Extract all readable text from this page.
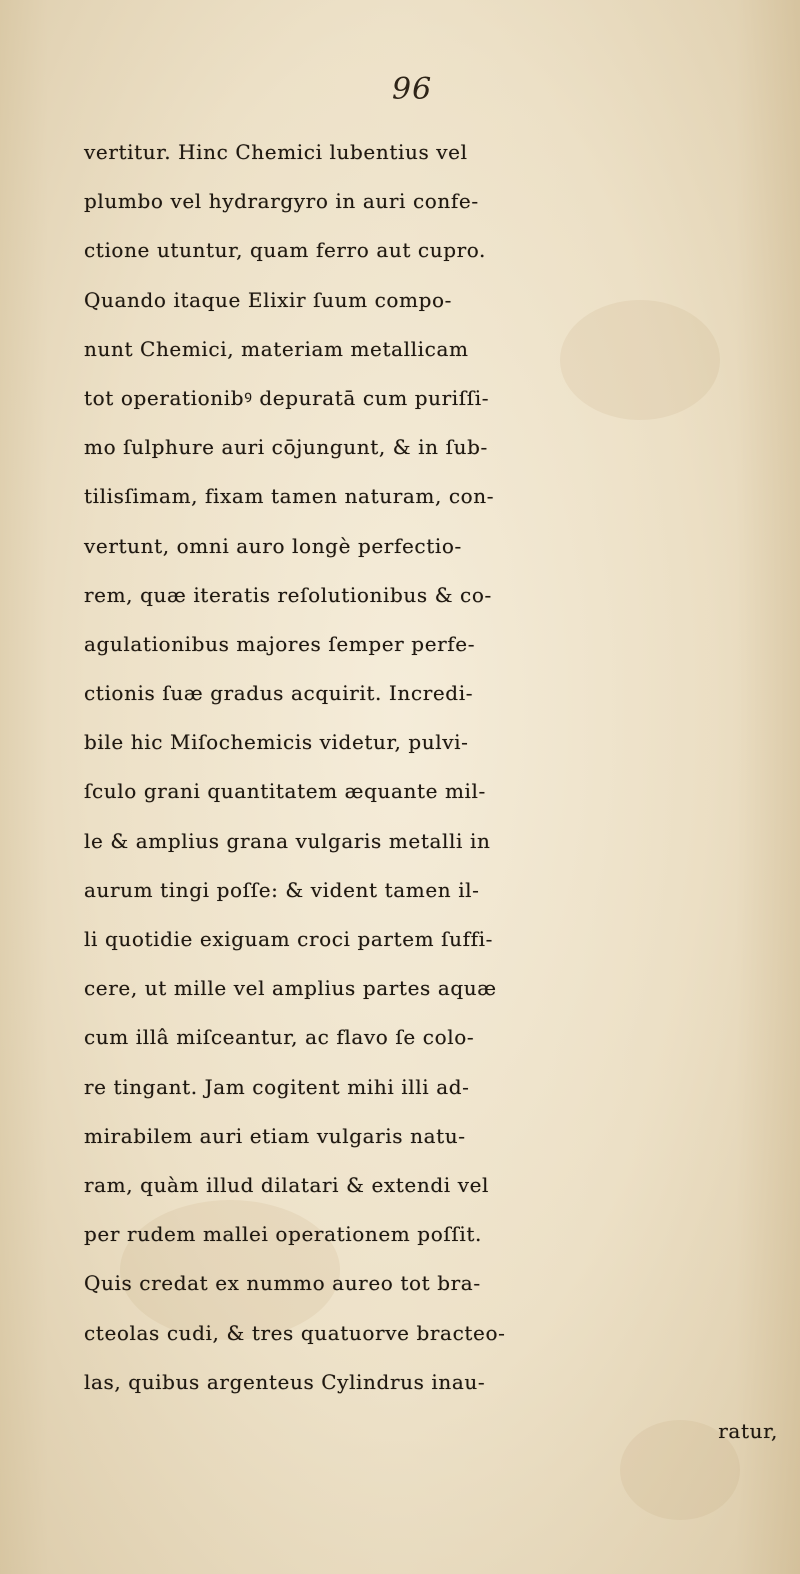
96
vertitur. Hinc Chemici lubentius vel
plumbo vel hydrargyro in auri confe-
ctione utuntur, quam ferro aut cupro.
Quando itaque Elixir ſuum compo-
nunt Chemici, materiam metallicam
tot operationibꝰ depuratā cum puriſſi-
mo ſulphure auri cōjungunt, & in ſub-
tilisſimam, fixam tamen naturam, con-
vertunt, omni auro longè perfectio-
rem, quæ iteratis reſolutionibus & co-
agulationibus majores ſemper perfe-
ctionis ſuæ gradus acquirit. Incredi-
bile hic Miſochemicis videtur, pulvi-
ſculo grani quantitatem æquante mil-
le & amplius grana vulgaris metalli in
aurum tingi poſſe: & vident tamen il-
li quotidie exiguam croci partem ſuffi-
cere, ut mille vel amplius partes aquæ
cum illâ miſceantur, ac flavo ſe colo-
re tingant. Jam cogitent mihi illi ad-
mirabilem auri etiam vulgaris natu-
ram, quàm illud dilatari & extendi vel
per rudem mallei operationem poſſit.
Quis credat ex nummo aureo tot bra-
cteolas cudi, & tres quatuorve bracteo-
las, quibus argenteus Cylindrus inau-
ratur,
